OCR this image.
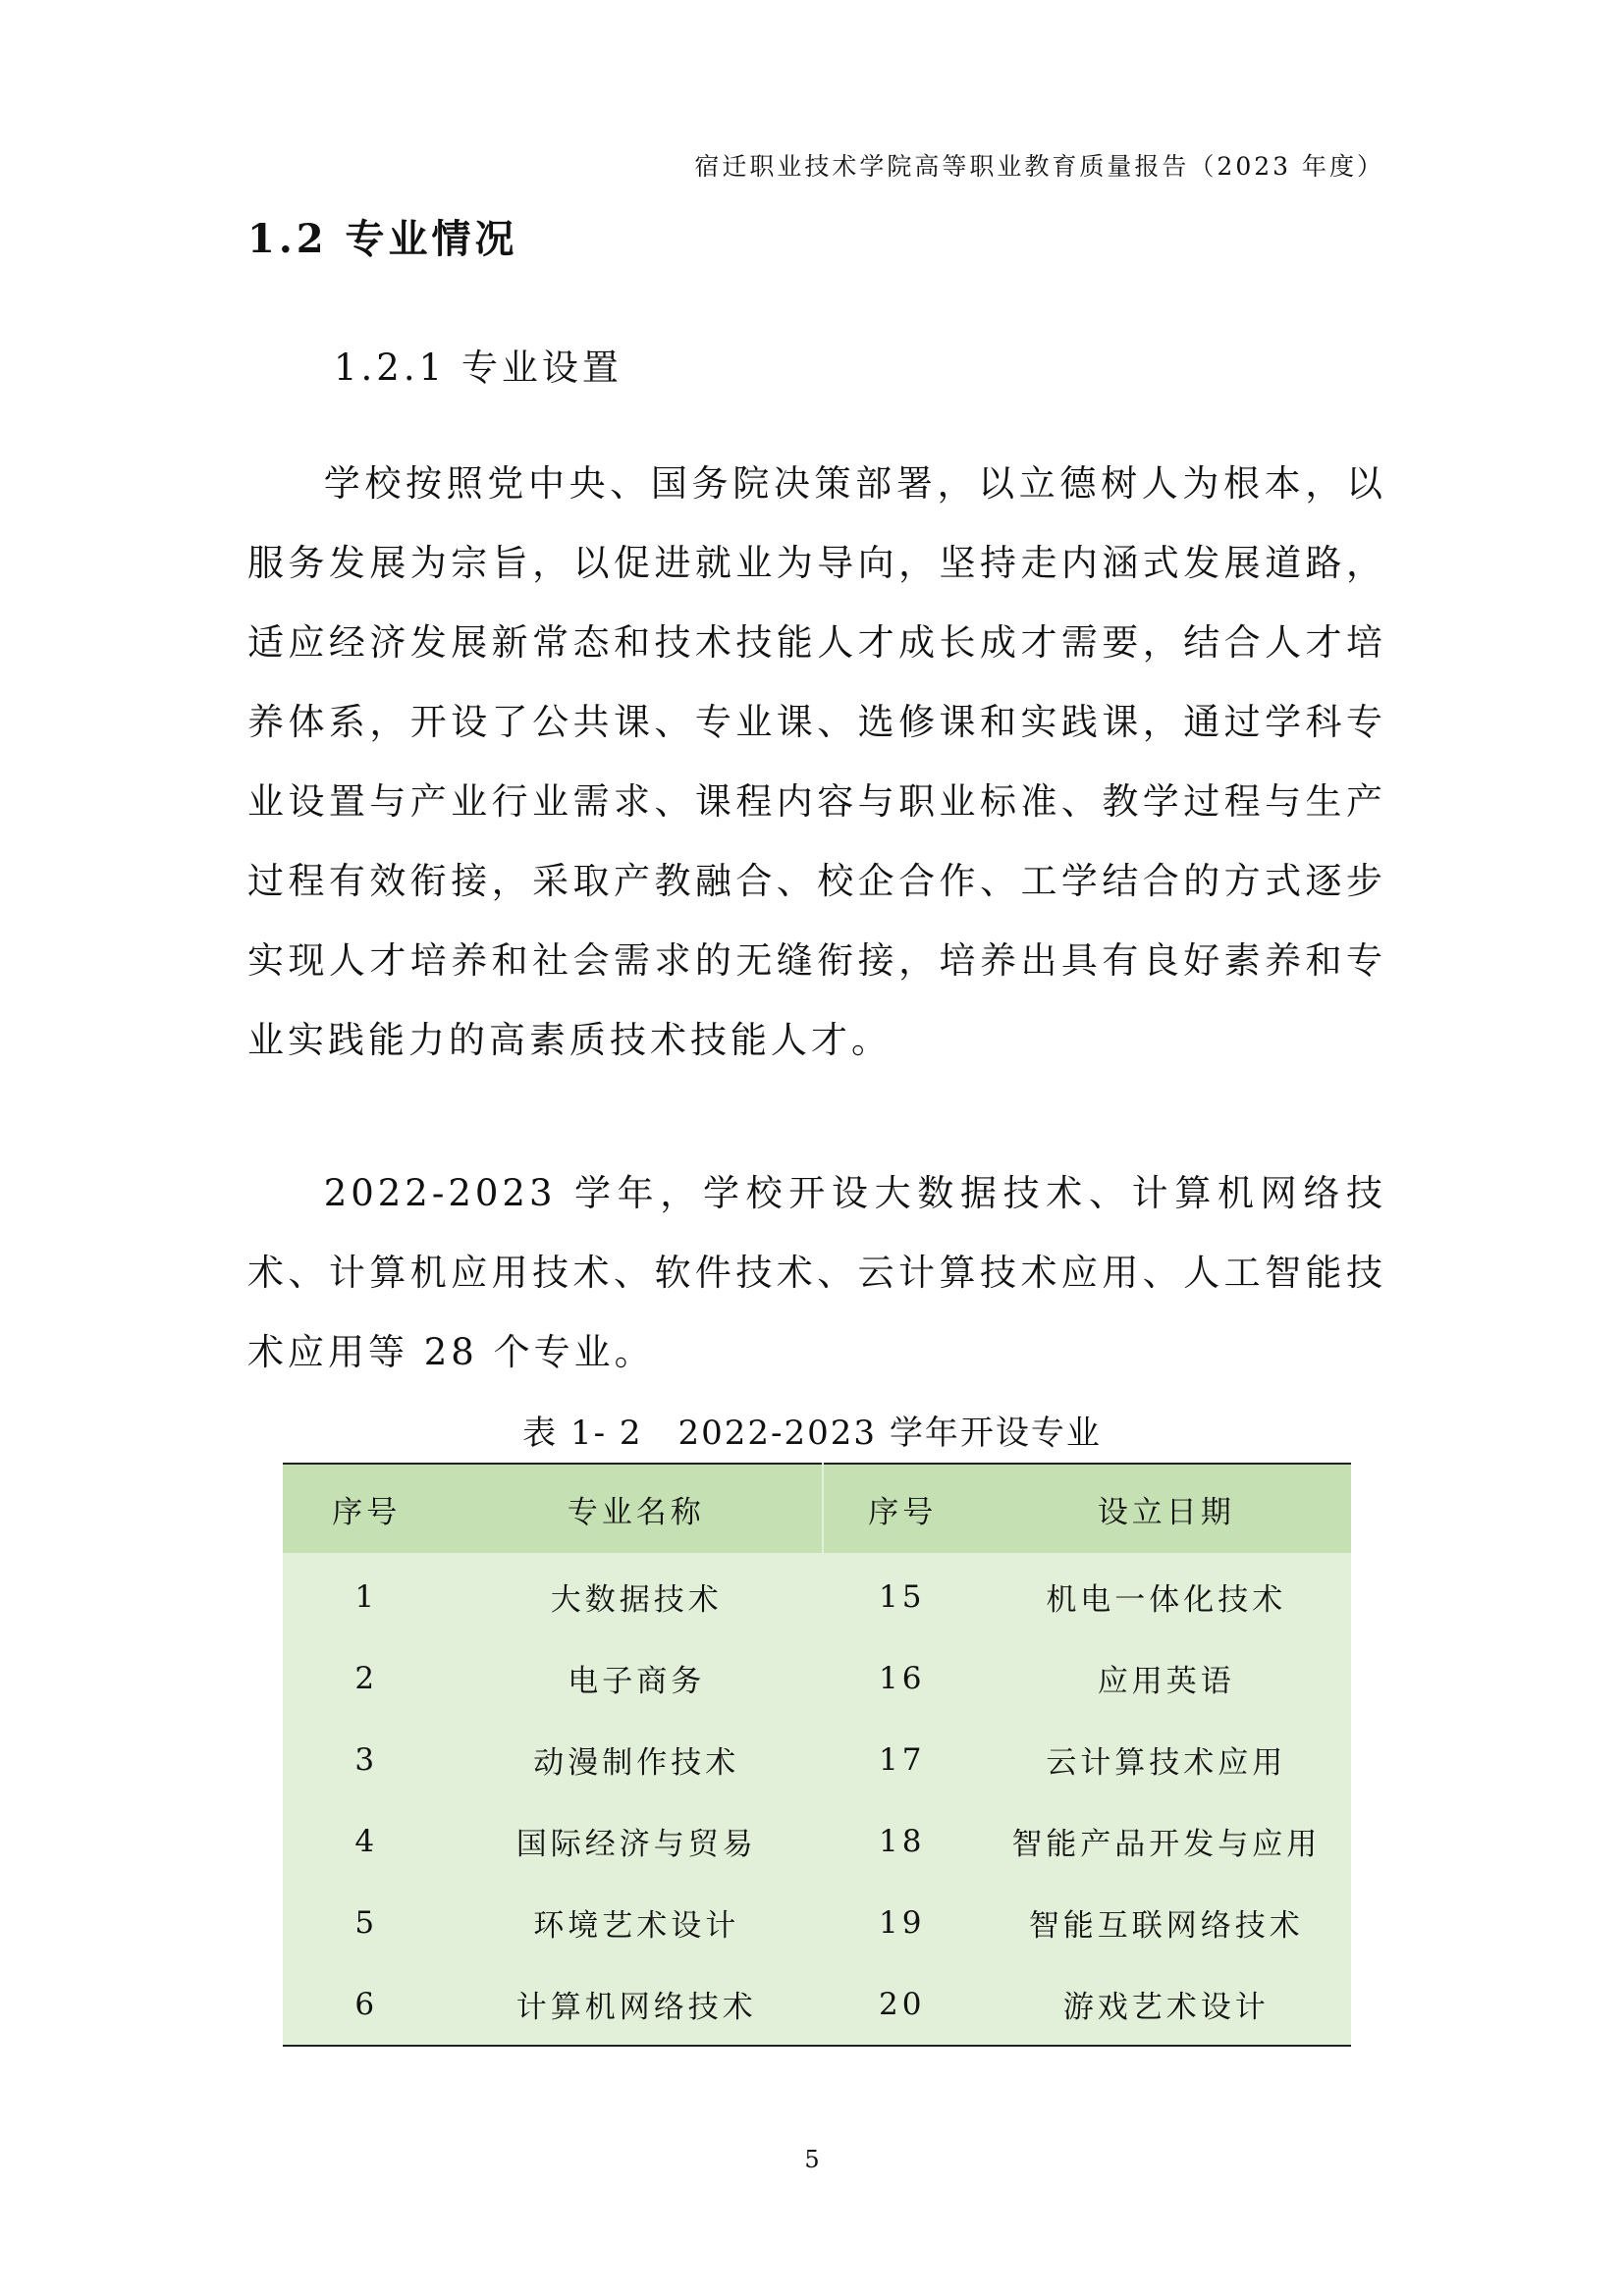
宿迁职业技术学院高等职业教育质量报告（2023 年度）
1.2 专业情况
1.2.1 专业设置

学校按照党中央、国务院决策部署，以立德树人为根本，以服务发展为宗旨，以促进就业为导向，坚持走内涵式发展道路，适应经济发展新常态和技术技能人才成长成才需要，结合人才培养体系，开设了公共课、专业课、选修课和实践课，通过学科专业设置与产业行业需求、课程内容与职业标准、教学过程与生产过程有效衔接，采取产教融合、校企合作、工学结合的方式逐步实现人才培养和社会需求的无缝衔接，培养出具有良好素养和专业实践能力的高素质技术技能人才。

2022-2023 学年，学校开设大数据技术、计算机网络技术、计算机应用技术、软件技术、云计算技术应用、人工智能技术应用等 28 个专业。

表 1- 2　2022-2023 学年开设专业
序号	专业名称	序号	设立日期
1	大数据技术	15	机电一体化技术
2	电子商务	16	应用英语
3	动漫制作技术	17	云计算技术应用
4	国际经济与贸易	18	智能产品开发与应用
5	环境艺术设计	19	智能互联网络技术
6	计算机网络技术	20	游戏艺术设计
5
